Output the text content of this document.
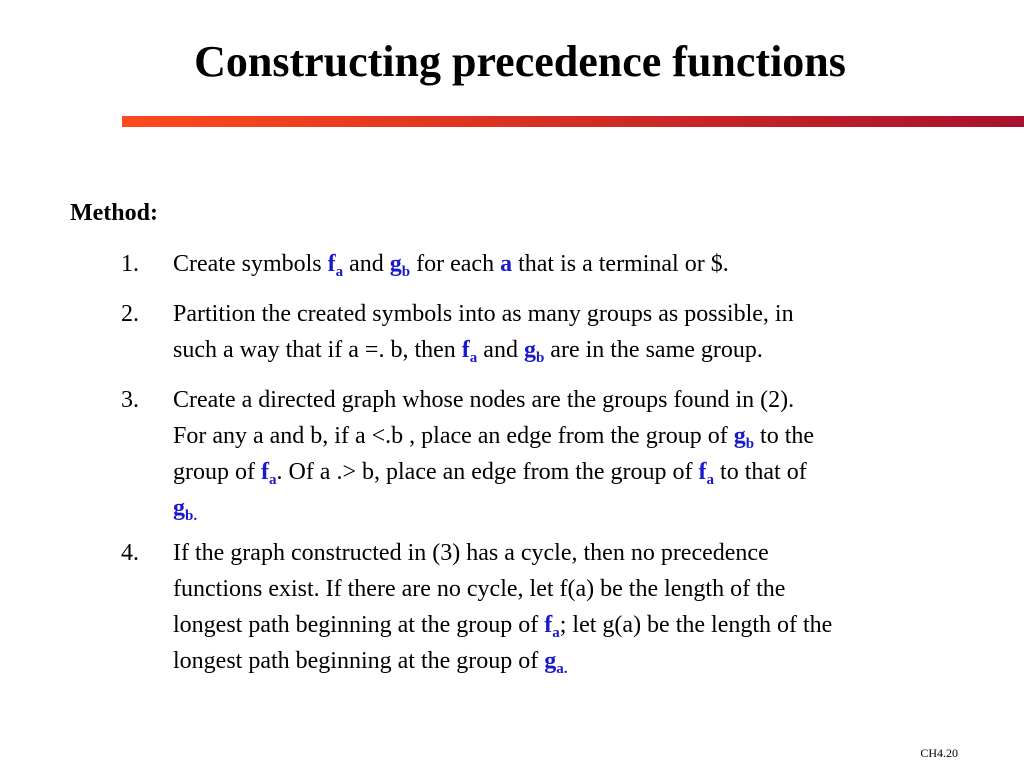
Constructing precedence functions
Method:
1.	Create symbols $f_a$ and $g_b$ for each a that is a terminal or $.
2.	Partition the created symbols into as many groups as possible, in
such a way that if a =. b, then $f_a$ and $g_b$ are in the same group.
3.	Create a directed graph whose nodes are the groups found in (2).
For any a and b, if a <.b , place an edge from the group of $g_b$ to the
group of $f_a$. Of a .> b, place an edge from the group of $f_a$ to that of
$g_{b.}$
4.	If the graph constructed in (3) has a cycle, then no precedence
functions exist. If there are no cycle, let f(a) be the length of the
longest path beginning at the group of $f_a$; let g(a) be the length of the
longest path beginning at the group of $g_{a.}$
CH4.20
